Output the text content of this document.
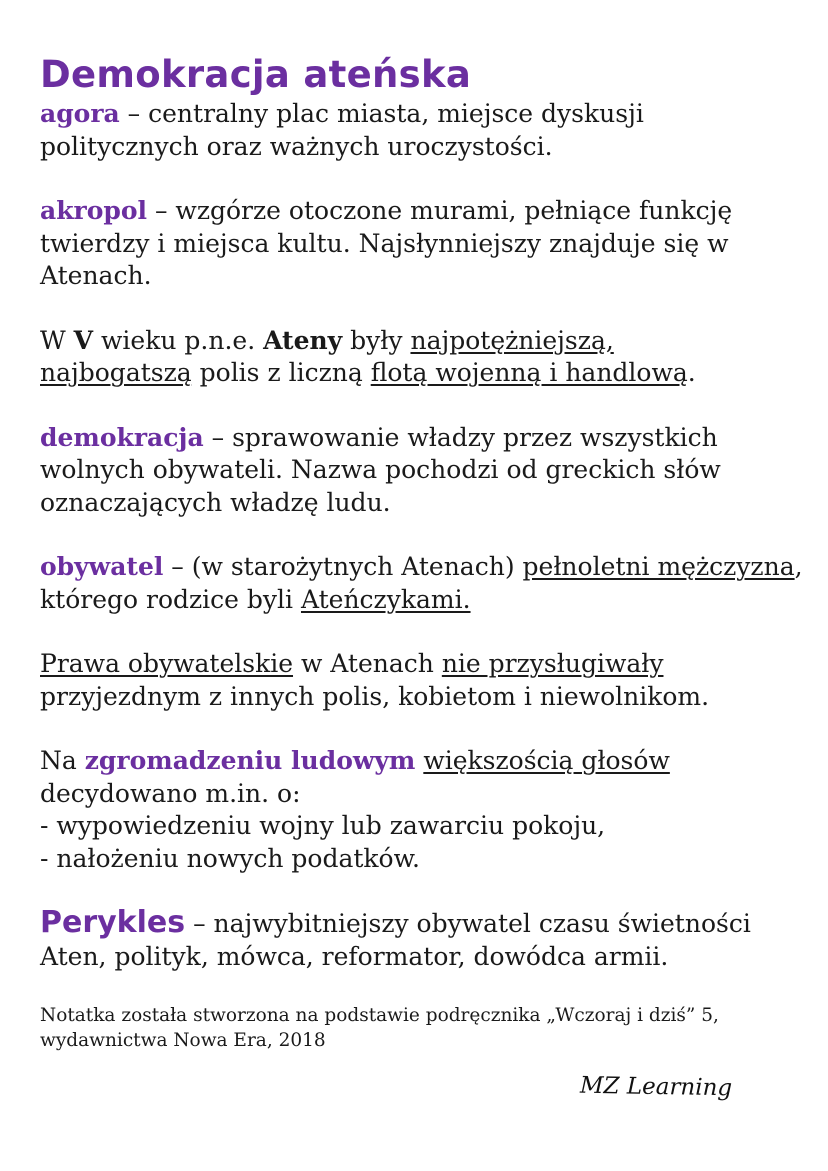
Demokracja ateńska

agora – centralny plac miasta, miejsce dyskusji politycznych oraz ważnych uroczystości.

akropol – wzgórze otoczone murami, pełniące funkcję twierdzy i miejsca kultu. Najsłynniejszy znajduje się w Atenach.

W V wieku p.n.e. Ateny były najpotężniejszą,
najbogatszą polis z liczną flotą wojenną i handlową.

demokracja – sprawowanie władzy przez wszystkich wolnych obywateli. Nazwa pochodzi od greckich słów oznaczających władzę ludu.

obywatel – (w starożytnych Atenach) pełnoletni mężczyzna, którego rodzice byli Ateńczykami.

Prawa obywatelskie w Atenach nie przysługiwały przyjezdnym z innych polis, kobietom i niewolnikom.

Na zgromadzeniu ludowym większością głosów
decydowano m.in. o:
- wypowiedzeniu wojny lub zawarciu pokoju,
- nałożeniu nowych podatków.

Perykles – najwybitniejszy obywatel czasu świetności Aten, polityk, mówca, reformator, dowódca armii.

Notatka została stworzona na podstawie podręcznika „Wczoraj i dziś” 5, wydawnictwa Nowa Era, 2018

MZ Learning
